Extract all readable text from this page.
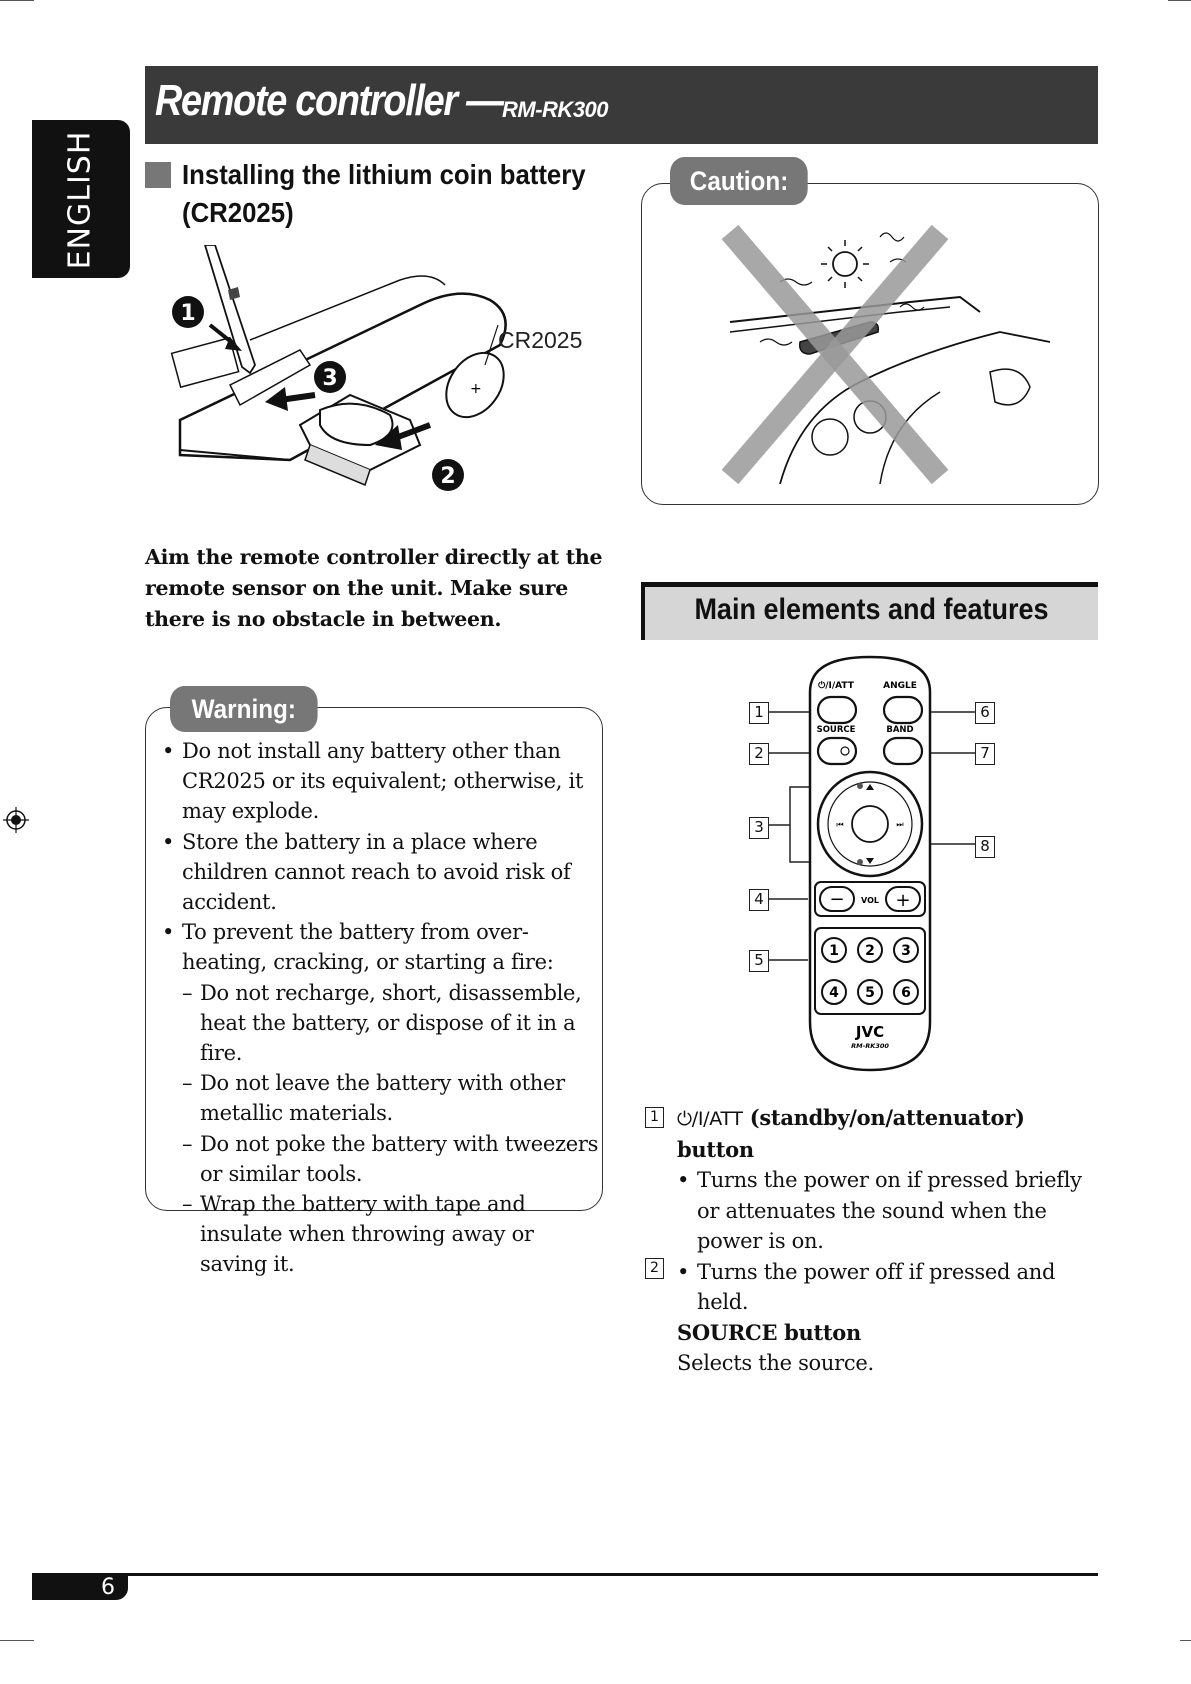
Remote controller — RM-RK300
ENGLISH	Installing the lithium coin battery (CR2025)
+
1
3
2
CR2025
Aim the remote controller directly at the remote sensor on the unit. Make sure there is no obstacle in between.
Warning:
• Do not install any battery other than CR2025 or its equivalent; otherwise, it may explode.
• Store the battery in a place where children cannot reach to avoid risk of accident.
• To prevent the battery from over-heating, cracking, or starting a fire:
– Do not recharge, short, disassemble, heat the battery, or dispose of it in a fire.
– Do not leave the battery with other metallic materials.
– Do not poke the battery with tweezers or similar tools.
– Wrap the battery with tape and insulate when throwing away or saving it.
Caution:
Main elements and features
1
2
3
4
5
6
7
8
⏻/I/ATT	ANGLE
SOURCE	BAND
⏮	⏭
− VOL +
1 2 3
4 5 6
JVC
RM-RK300
1
2
⏻/I/ATT (standby/on/attenuator) button
• Turns the power on if pressed briefly or attenuates the sound when the power is on.
• Turns the power off if pressed and held.
SOURCE button
Selects the source.
6
